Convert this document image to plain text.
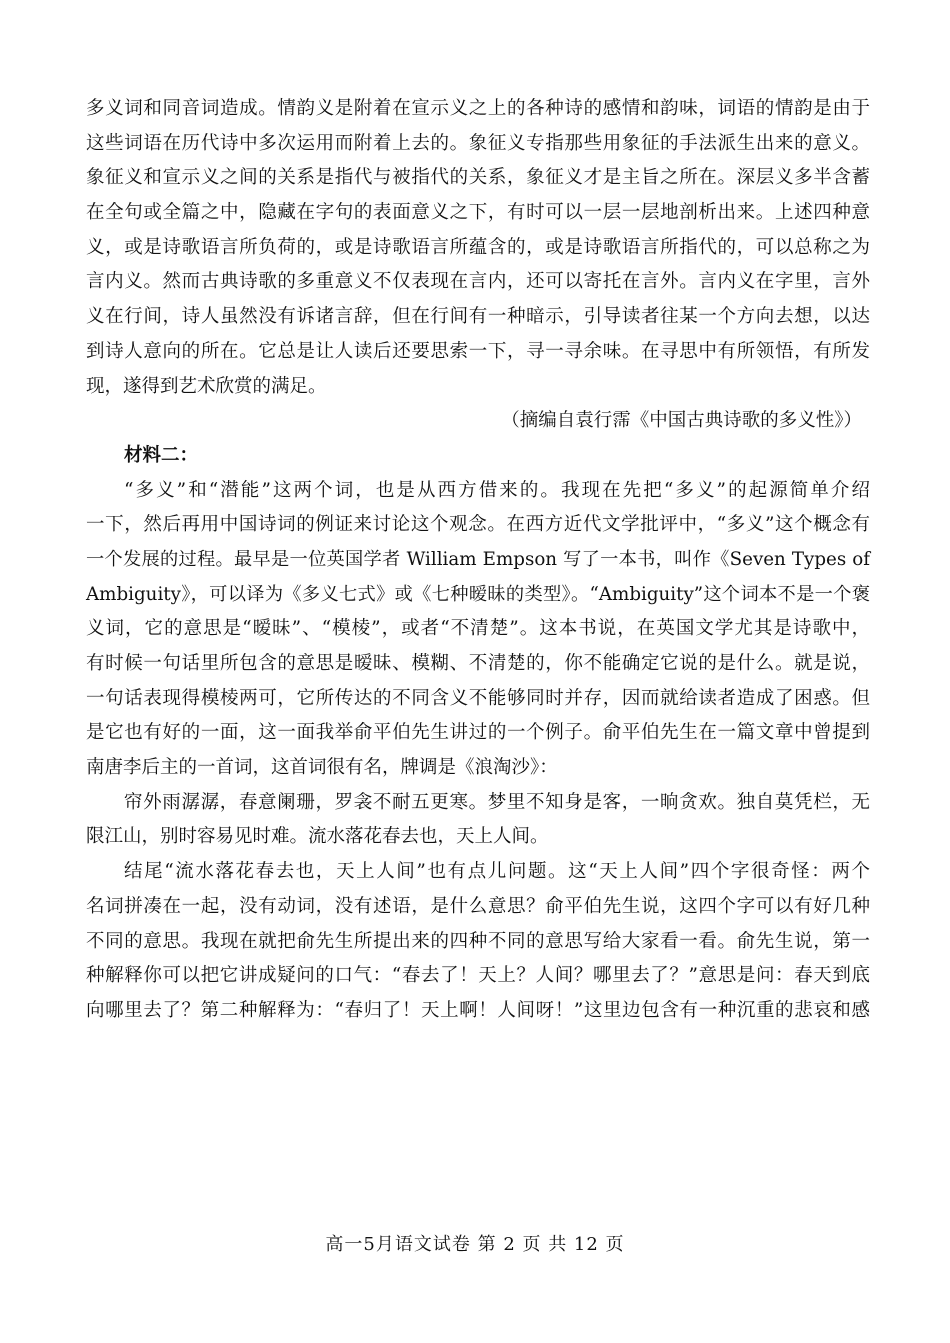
多义词和同音词造成。情韵义是附着在宣示义之上的各种诗的感情和韵味，词语的情韵是由于
这些词语在历代诗中多次运用而附着上去的。象征义专指那些用象征的手法派生出来的意义。
象征义和宣示义之间的关系是指代与被指代的关系，象征义才是主旨之所在。深层义多半含蓄
在全句或全篇之中，隐藏在字句的表面意义之下，有时可以一层一层地剖析出来。上述四种意
义，或是诗歌语言所负荷的，或是诗歌语言所蕴含的，或是诗歌语言所指代的，可以总称之为
言内义。然而古典诗歌的多重意义不仅表现在言内，还可以寄托在言外。言内义在字里，言外
义在行间，诗人虽然没有诉诸言辞，但在行间有一种暗示，引导读者往某一个方向去想，以达
到诗人意向的所在。它总是让人读后还要思索一下，寻一寻余味。在寻思中有所领悟，有所发
现，遂得到艺术欣赏的满足。
（摘编自袁行霈《中国古典诗歌的多义性》）
材料二：
“多义”和“潜能”这两个词，也是从西方借来的。我现在先把“多义”的起源简单介绍
一下，然后再用中国诗词的例证来讨论这个观念。在西方近代文学批评中，“多义”这个概念有
一个发展的过程。最早是一位英国学者 William Empson 写了一本书，叫作《Seven Types of
Ambiguity》，可以译为《多义七式》或《七种暧昧的类型》。“Ambiguity”这个词本不是一个褒
义词，它的意思是“暧昧”、“模棱”，或者“不清楚”。这本书说，在英国文学尤其是诗歌中，
有时候一句话里所包含的意思是暧昧、模糊、不清楚的，你不能确定它说的是什么。就是说，
一句话表现得模棱两可，它所传达的不同含义不能够同时并存，因而就给读者造成了困惑。但
是它也有好的一面，这一面我举俞平伯先生讲过的一个例子。俞平伯先生在一篇文章中曾提到
南唐李后主的一首词，这首词很有名，牌调是《浪淘沙》：
帘外雨潺潺，春意阑珊，罗衾不耐五更寒。梦里不知身是客，一晌贪欢。独自莫凭栏，无
限江山，别时容易见时难。流水落花春去也，天上人间。
结尾“流水落花春去也，天上人间”也有点儿问题。这“天上人间”四个字很奇怪：两个
名词拼凑在一起，没有动词，没有述语，是什么意思？俞平伯先生说，这四个字可以有好几种
不同的意思。我现在就把俞先生所提出来的四种不同的意思写给大家看一看。俞先生说，第一
种解释你可以把它讲成疑问的口气：“春去了！天上？人间？哪里去了？”意思是问：春天到底
向哪里去了？第二种解释为：“春归了！天上啊！人间呀！”这里边包含有一种沉重的悲哀和感
高一5月语文试卷 第 2 页 共 12 页
